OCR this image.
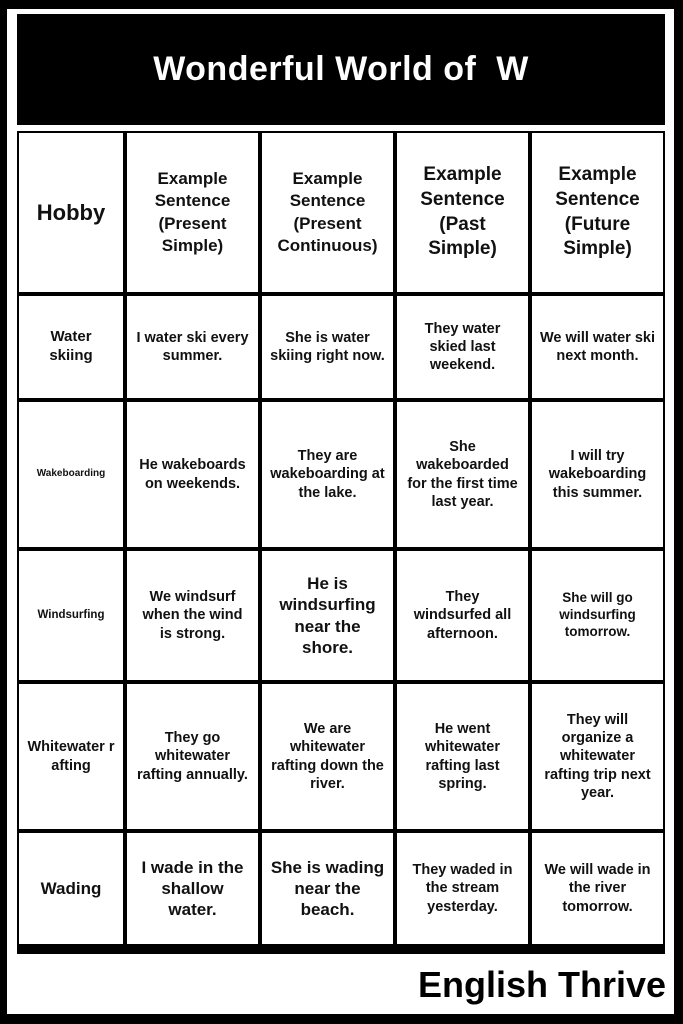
Wonderful World of  W
Hobby
Example Sentence (Present Simple)
Example Sentence (Present Continuous)
Example Sentence (Past Simple)
Example Sentence (Future Simple)
Water skiing
I water ski every summer.
She is water skiing right now.
They water skied last weekend.
We will water ski next month.
Wakeboarding
He wakeboards on weekends.
They are wakeboarding at the lake.
She wakeboarded for the first time last year.
I will try wakeboarding this summer.
Windsurfing
We windsurf when the wind is strong.
He is windsurfing near the shore.
They windsurfed all afternoon.
She will go windsurfing tomorrow.
Whitewater rafting
They go whitewater rafting annually.
We are whitewater rafting down the river.
He went whitewater rafting last spring.
They will organize a whitewater rafting trip next year.
Wading
I wade in the shallow water.
She is wading near the beach.
They waded in the stream yesterday.
We will wade in the river tomorrow.
English Thrive
